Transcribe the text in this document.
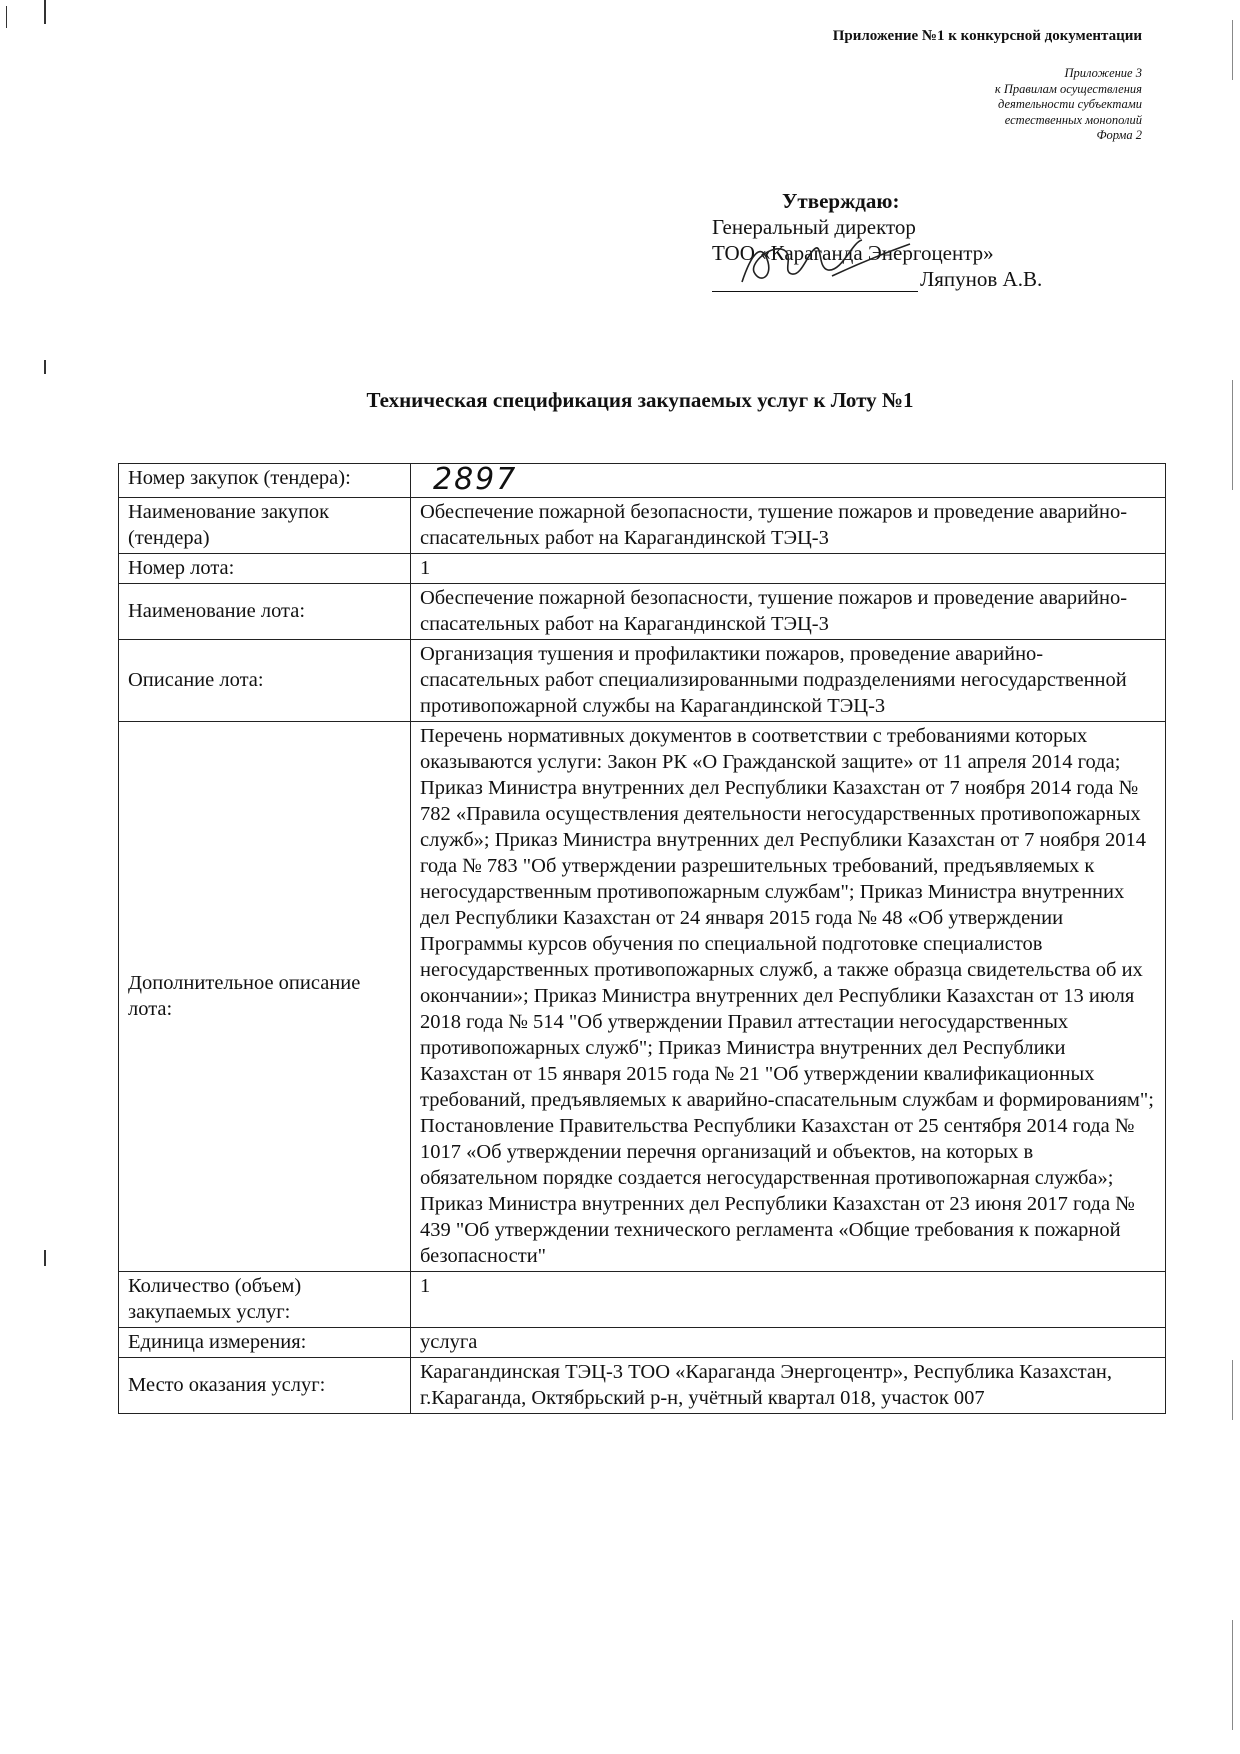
Приложение №1 к конкурсной документации
Приложение 3
к Правилам осуществления
деятельности субъектами
естественных монополий
Форма 2
Утверждаю:
Генеральный директор
ТОО «Караганда Энергоцентр»
Ляпунов А.В.
Техническая спецификация закупаемых услуг к Лоту №1
Номер закупок (тендера):	2897
Наименование закупок (тендера)	Обеспечение пожарной безопасности, тушение пожаров и проведение аварийно-спасательных работ на Карагандинской ТЭЦ-3
Номер лота:	1
Наименование лота:	Обеспечение пожарной безопасности, тушение пожаров и проведение аварийно-спасательных работ на Карагандинской ТЭЦ-3
Описание лота:	Организация тушения и профилактики пожаров, проведение аварийно-спасательных работ специализированными подразделениями негосударственной противопожарной службы на Карагандинской ТЭЦ-3
Дополнительное описание лота:	Перечень нормативных документов в соответствии с требованиями которых оказываются услуги: Закон РК «О Гражданской защите» от 11 апреля 2014 года; Приказ Министра внутренних дел Республики Казахстан от 7 ноября 2014 года № 782 «Правила осуществления деятельности негосударственных противопожарных служб»; Приказ Министра внутренних дел Республики Казахстан от 7 ноября 2014 года № 783 "Об утверждении разрешительных требований, предъявляемых к негосударственным противопожарным службам"; Приказ Министра внутренних дел Республики Казахстан от 24 января 2015 года № 48 «Об утверждении Программы курсов обучения по специальной подготовке специалистов негосударственных противопожарных служб, а также образца свидетельства об их окончании»; Приказ Министра внутренних дел Республики Казахстан от 13 июля 2018 года № 514 "Об утверждении Правил аттестации негосударственных противопожарных служб"; Приказ Министра внутренних дел Республики Казахстан от 15 января 2015 года № 21 "Об утверждении квалификационных требований, предъявляемых к аварийно-спасательным службам и формированиям"; Постановление Правительства Республики Казахстан от 25 сентября 2014 года № 1017 «Об утверждении перечня организаций и объектов, на которых в обязательном порядке создается негосударственная противопожарная служба»; Приказ Министра внутренних дел Республики Казахстан от 23 июня 2017 года № 439 "Об утверждении технического регламента «Общие требования к пожарной безопасности"
Количество (объем) закупаемых услуг:	1
Единица измерения:	услуга
Место оказания услуг:	Карагандинская ТЭЦ-3 ТОО «Караганда Энергоцентр», Республика Казахстан, г.Караганда, Октябрьский р-н, учётный квартал 018, участок 007
